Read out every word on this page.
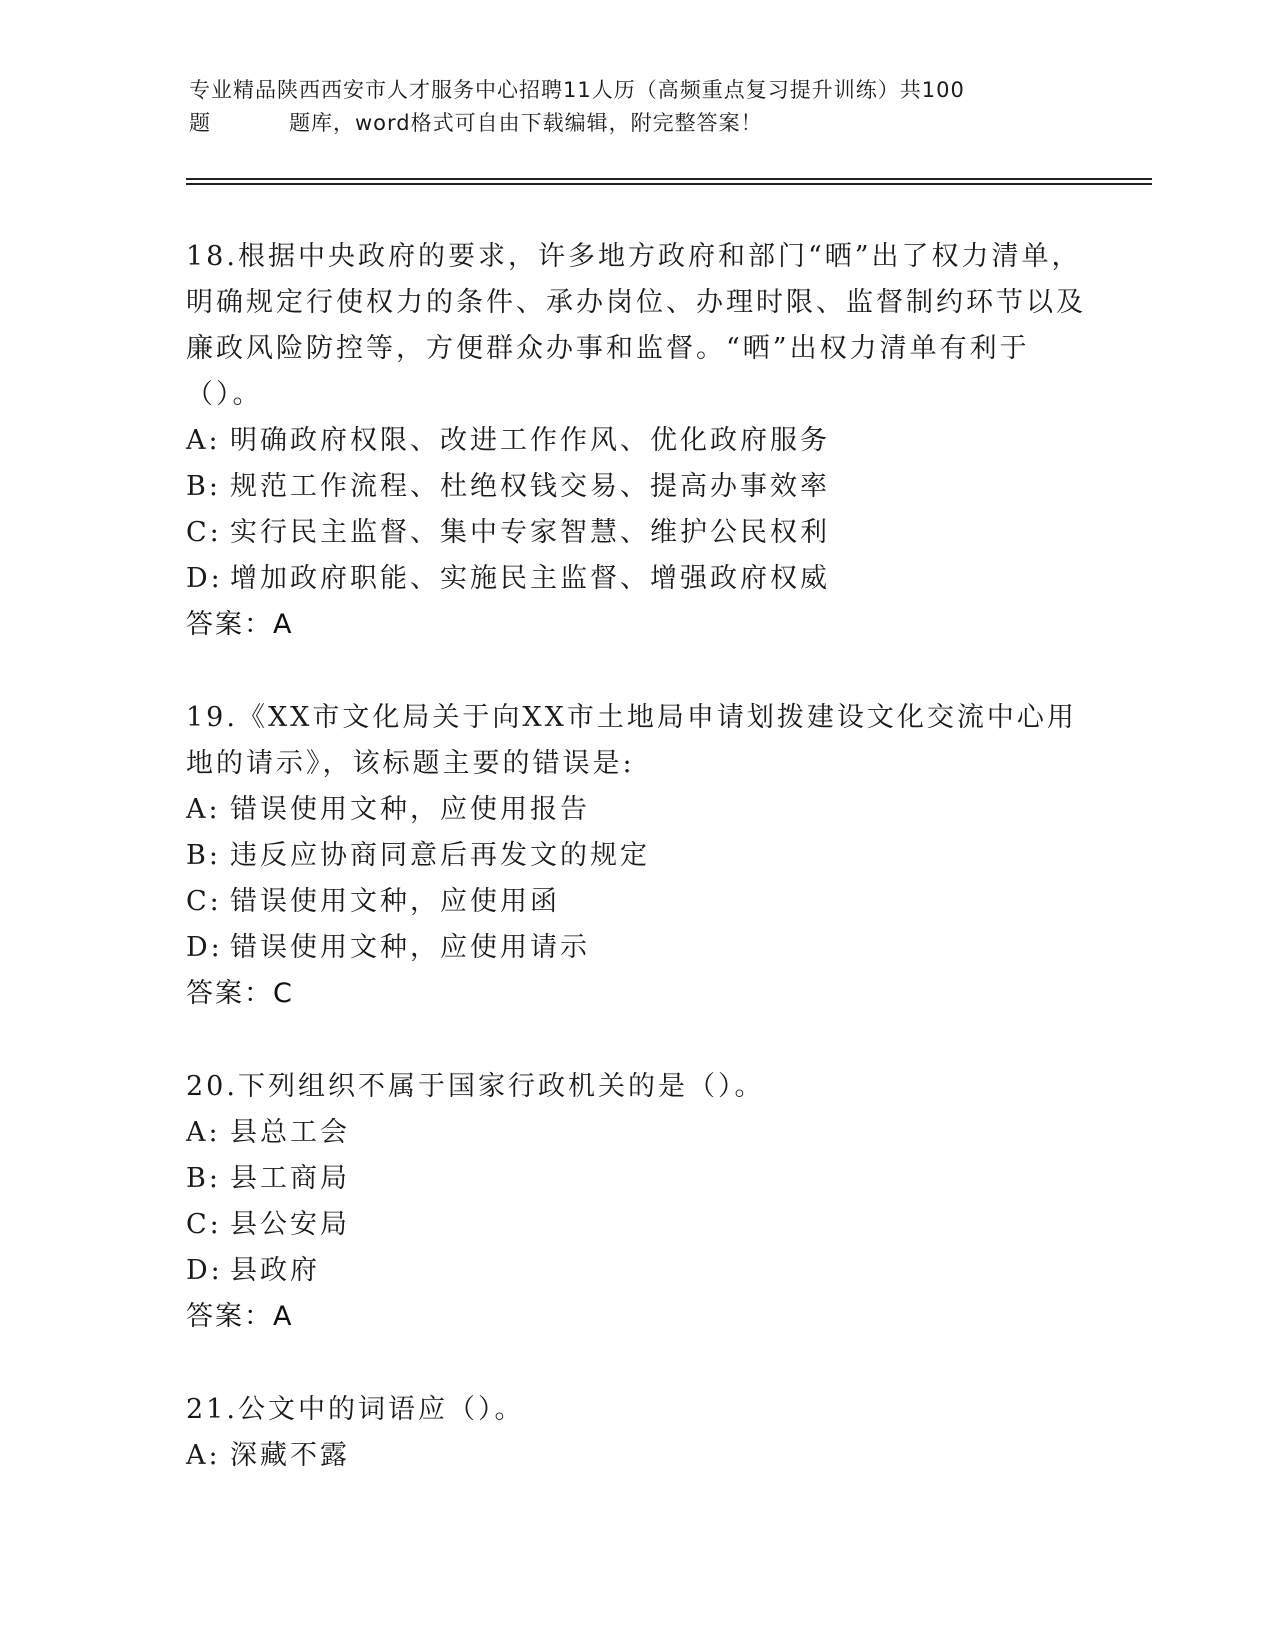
专业精品陕西西安市人才服务中心招聘11人历（高频重点复习提升训练）共100
题	题库，word格式可自由下载编辑，附完整答案！

18.根据中央政府的要求，许多地方政府和部门“晒”出了权力清单，明确规定行使权力的条件、承办岗位、办理时限、监督制约环节以及廉政风险防控等，方便群众办事和监督。“晒”出权力清单有利于（）。

A: 明确政府权限、改进工作作风、优化政府服务

B: 规范工作流程、杜绝权钱交易、提高办事效率

C: 实行民主监督、集中专家智慧、维护公民权利

D: 增加政府职能、实施民主监督、增强政府权威

答案：A

19.《XX市文化局关于向XX市土地局申请划拨建设文化交流中心用地的请示》，该标题主要的错误是:

A: 错误使用文种，应使用报告

B: 违反应协商同意后再发文的规定

C: 错误使用文种，应使用函

D: 错误使用文种，应使用请示

答案：C

20.下列组织不属于国家行政机关的是（）。

A: 县总工会

B: 县工商局

C: 县公安局

D: 县政府

答案：A

21.公文中的词语应（）。

A: 深藏不露
